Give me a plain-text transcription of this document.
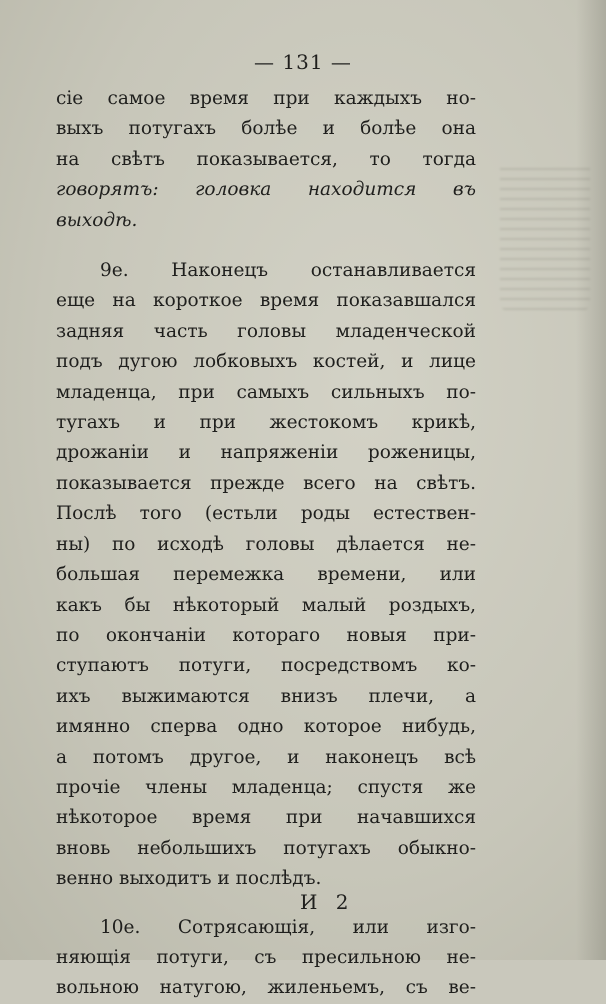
— 131 —
сіе самое время при каждыхъ но-
выхъ потугахъ болѣе и болѣе она
на свѣтъ показывается, то тогда
говорятъ: головка находится въ
выходѣ.
9е. Наконецъ останавливается
еще на короткое время показавшался
задняя часть головы младенческой
подъ дугою лобковыхъ костей, и лице
младенца, при самыхъ сильныхъ по-
тугахъ и при жестокомъ крикѣ,
дрожаніи и напряженіи роженицы,
показывается прежде всего на свѣтъ.
Послѣ того (естьли роды естествен-
ны) по исходѣ головы дѣлается не-
большая перемежка времени, или
какъ бы нѣкоторый малый роздыхъ,
по окончаніи котораго новыя при-
ступаютъ потуги, посредствомъ ко-
ихъ выжимаются внизъ плечи, а
имянно сперва одно которое нибудь,
а потомъ другое, и наконецъ всѣ
прочіе члены младенца; спустя же
нѣкоторое время при начавшихся
вновь небольшихъ потугахъ обыкно-
венно выходитъ и послѣдъ.
10е. Сотрясающія, или изго-
няющія потуги, съ пресильною не-
вольною натугою, жиленьемъ, съ ве-
И 2
